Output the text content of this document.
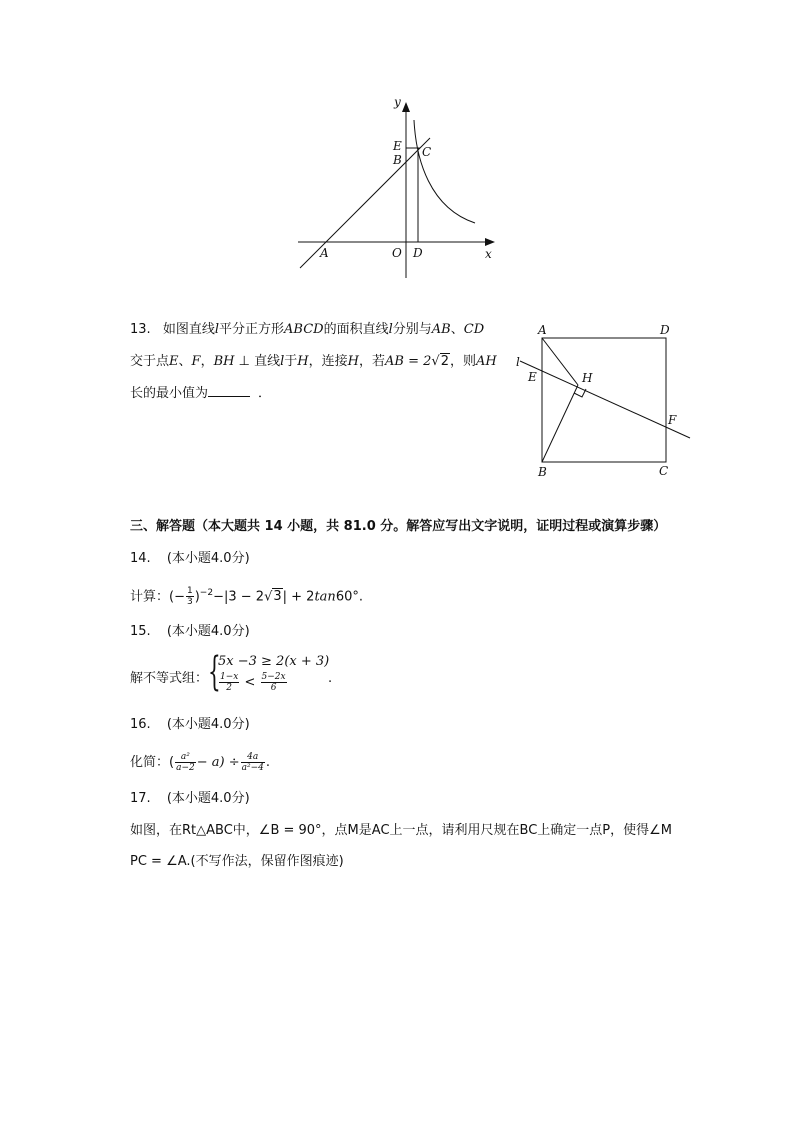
y
x
E
B
C
A	O D
13. 如图直线l平分正方形ABCD的面积直线l分别与AB、CD
交于点E、F，BH ⊥ 直线l于H，连接H，若AB = 2√2，则AH
长的最小值为	．
A	D
l
E	H
F
B	C
三、解答题（本大题共 14 小题，共 81.0 分。解答应写出文字说明，证明过程或演算步骤）
14. (本小题4.0分)
计算：(− $\frac{1}{3} )^{-2}-|3 - 2√3| + 2\tan 60^\circ$.
15. (本小题4.0分)
解不等式组： {
5x −3 ≥ 2(x + 3)
$\frac{1-x}{2} < \frac{5-2x}{6}$	.
16. (本小题4.0分)
化简：( $\frac{\text{a²}}{a-2} - a) \div \frac{4a}{\text{a²−4}}$ .
17. (本小题4.0分)
如图，在Rt△ABC中，∠B = 90°，点M是AC上一点，请利用尺规在BC上确定一点P，使得∠M
PC = ∠A.(不写作法，保留作图痕迹)
